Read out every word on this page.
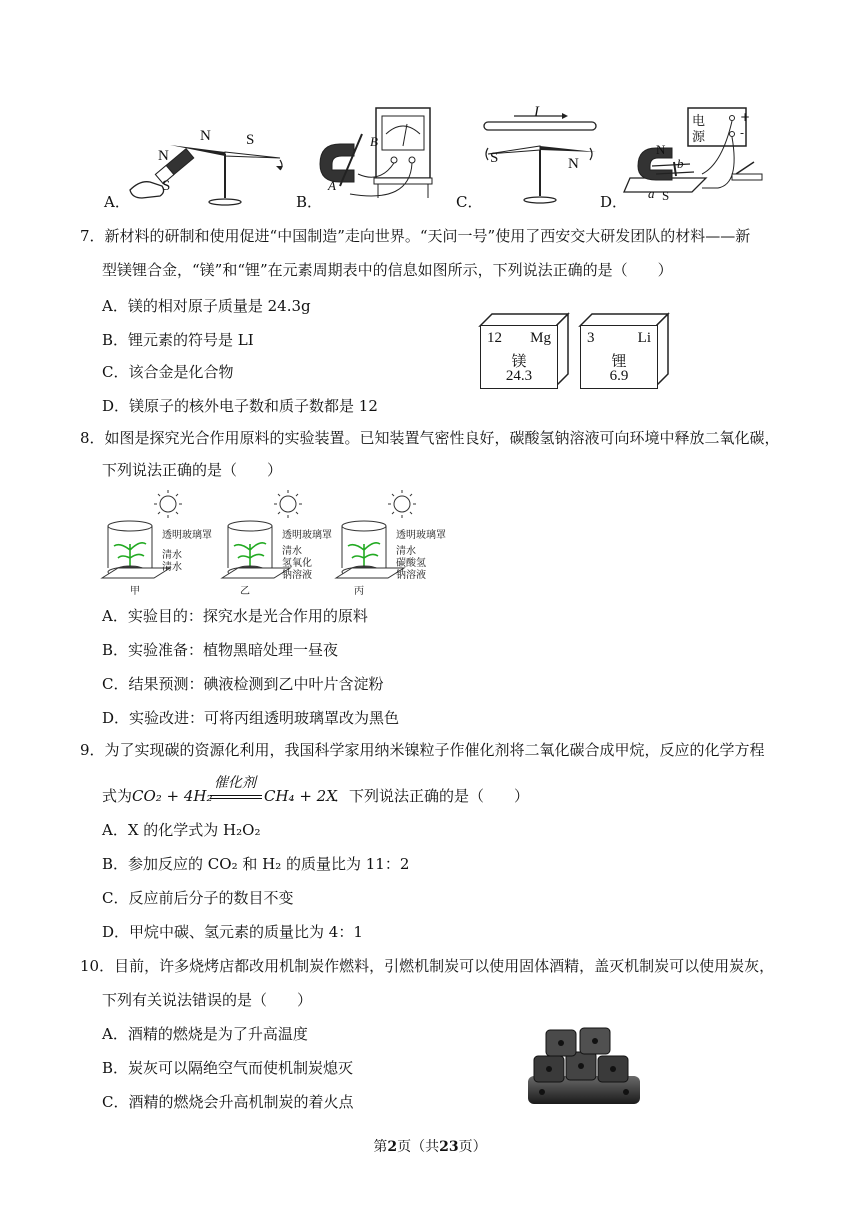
N S
N
S
B
A
I
S	N
电
源
+
-
b
a
N
S
A．	B．	C．	D．
7．新材料的研制和使用促进“中国制造”走向世界。“天问一号”使用了西安交大研发团队的材料——新
型镁锂合金，“镁”和“锂”在元素周期表中的信息如图所示，下列说法正确的是（　　）
A．镁的相对原子质量是 24.3g
B．锂元素的符号是 LI
C．该合金是化合物
D．镁原子的核外电子数和质子数都是 12
12 Mg
镁
24.3
3	Li
锂
6.9
8．如图是探究光合作用原料的实验装置。已知装置气密性良好，碳酸氢钠溶液可向环境中释放二氧化碳，
下列说法正确的是（　　）
透明玻璃罩
清水
清水
甲
透明玻璃罩
清水
氢氧化
钠溶液
乙
透明玻璃罩
清水
碳酸氢
钠溶液
丙
A．实验目的：探究水是光合作用的原料
B．实验准备：植物黑暗处理一昼夜
C．结果预测：碘液检测到乙中叶片含淀粉
D．实验改进：可将丙组透明玻璃罩改为黑色
9．为了实现碳的资源化利用，我国科学家用纳米镍粒子作催化剂将二氧化碳合成甲烷，反应的化学方程
式为 CO₂ + 4H₂
催化剂
CH₄ + 2X
．下列说法正确的是（　　）
A．X 的化学式为 H₂O₂
B．参加反应的 CO₂ 和 H₂ 的质量比为 11：2
C．反应前后分子的数目不变
D．甲烷中碳、氢元素的质量比为 4：1
10．目前，许多烧烤店都改用机制炭作燃料，引燃机制炭可以使用固体酒精，盖灭机制炭可以使用炭灰，
下列有关说法错误的是（　　）
A．酒精的燃烧是为了升高温度
B．炭灰可以隔绝空气而使机制炭熄灭
C．酒精的燃烧会升高机制炭的着火点
第2页（共23页）
